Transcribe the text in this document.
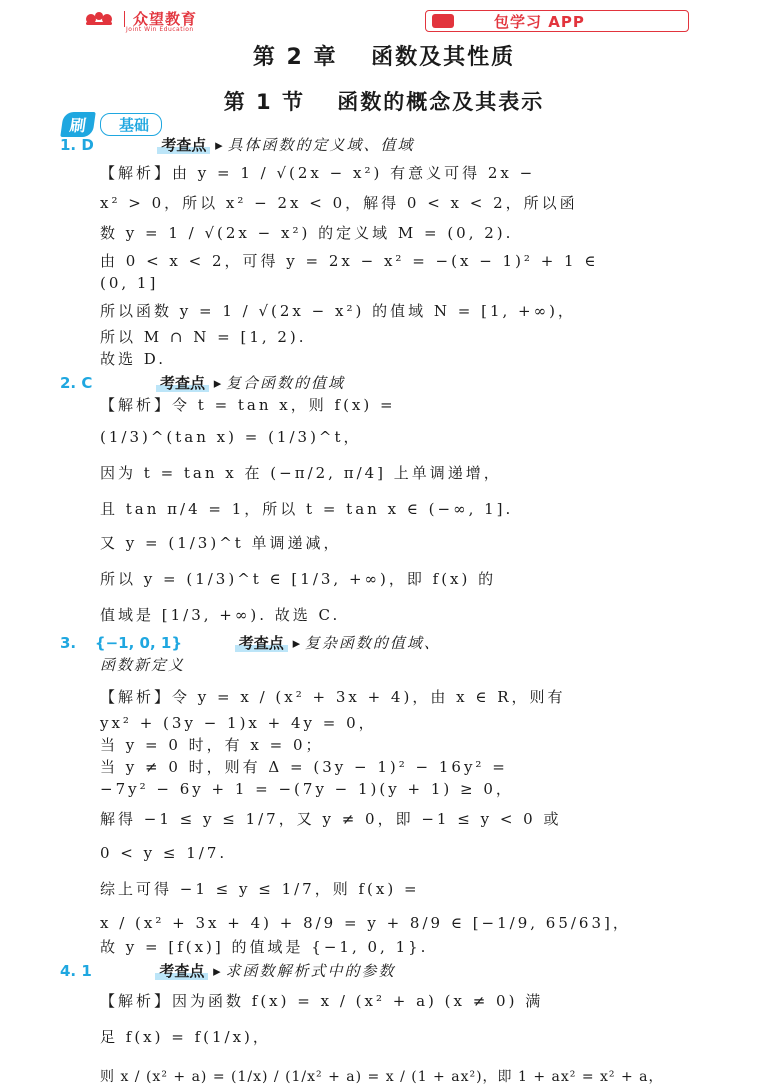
众望教育
Joint Win Education	包学习 APP
第 2 章　 函数及其性质
第 1 节　 函数的概念及其表示
刷	基础
1. D	考查点 ▸ 具体函数的定义域、值域
【解析】由 y = 1 / √(2x − x²) 有意义可得 2x −
x² > 0，所以 x² − 2x < 0，解得 0 < x < 2，所以函
数 y = 1 / √(2x − x²) 的定义域 M = (0, 2).
由 0 < x < 2，可得 y = 2x − x² = −(x − 1)² + 1 ∈
(0, 1]
所以函数 y = 1 / √(2x − x²) 的值域 N = [1, +∞)，
所以 M ∩ N = [1, 2).
故选 D.
2. C	考查点 ▸ 复合函数的值域
【解析】令 t = tan x，则 f(x) =
(1/3)^(tan x) = (1/3)^t，
因为 t = tan x 在 (−π/2, π/4] 上单调递增，
且 tan π/4 = 1，所以 t = tan x ∈ (−∞, 1].
又 y = (1/3)^t 单调递减，
所以 y = (1/3)^t ∈ [1/3, +∞)，即 f(x) 的
值域是 [1/3, +∞). 故选 C.
3. {−1, 0, 1}	考查点 ▸ 复杂函数的值域、
函数新定义
【解析】令 y = x / (x² + 3x + 4)，由 x ∈ R，则有
yx² + (3y − 1)x + 4y = 0，
当 y = 0 时，有 x = 0；
当 y ≠ 0 时，则有 Δ = (3y − 1)² − 16y² =
−7y² − 6y + 1 = −(7y − 1)(y + 1) ≥ 0，
解得 −1 ≤ y ≤ 1/7，又 y ≠ 0，即 −1 ≤ y < 0 或
0 < y ≤ 1/7.
综上可得 −1 ≤ y ≤ 1/7，则 f(x) =
x / (x² + 3x + 4) + 8/9 = y + 8/9 ∈ [−1/9, 65/63]，
故 y = [f(x)] 的值域是 {−1, 0, 1}.
4. 1	考查点 ▸ 求函数解析式中的参数
【解析】因为函数 f(x) = x / (x² + a) (x ≠ 0) 满
足 f(x) = f(1/x)，
则 x / (x² + a) = (1/x) / (1/x² + a) = x / (1 + ax²)，即 1 + ax² = x² + a，
